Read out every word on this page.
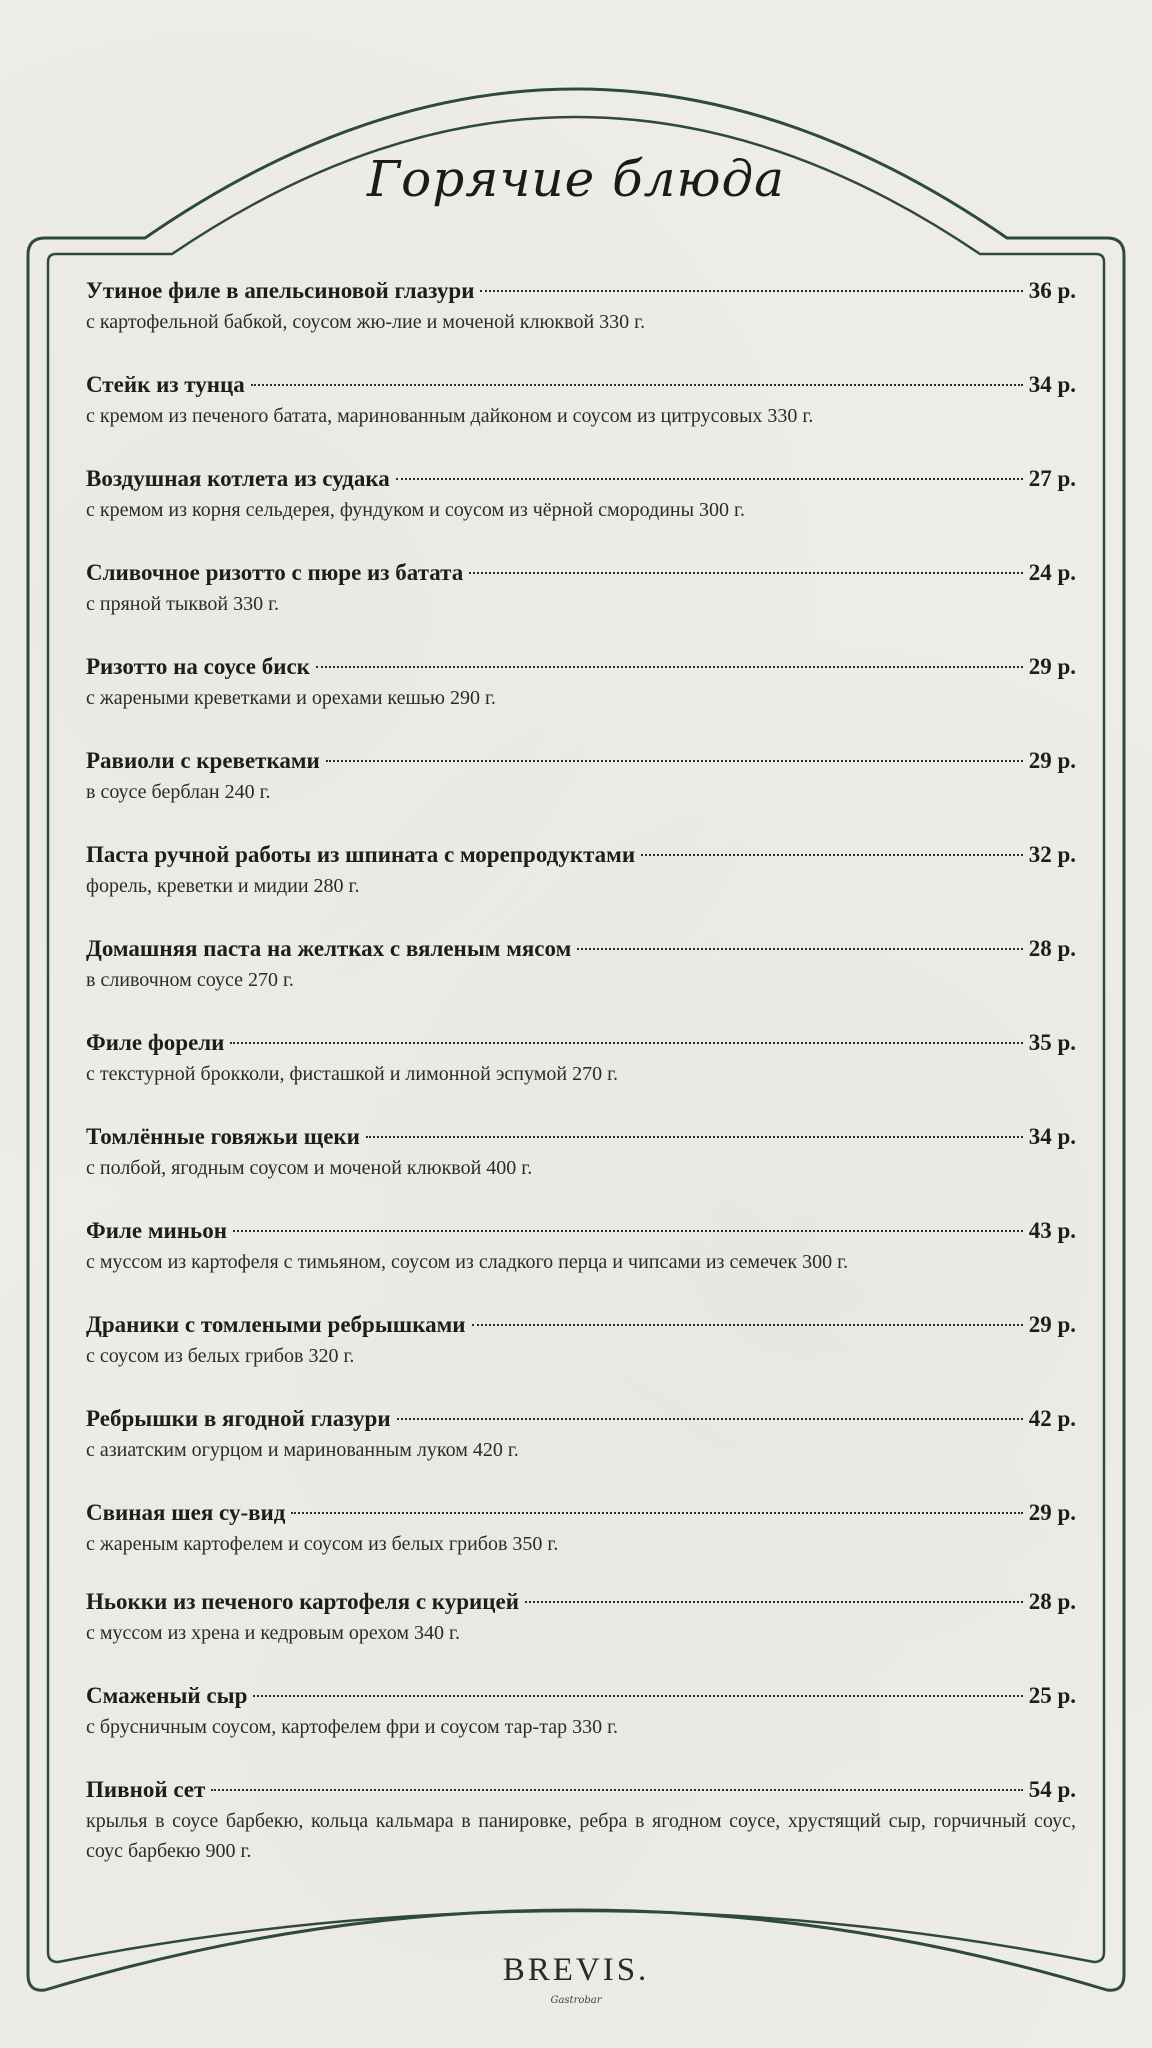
Горячие блюда
Утиное филе в апельсиновой глазури	36 р.
с картофельной бабкой, соусом жю-лие и моченой клюквой 330 г.
Стейк из тунца	34 р.
с кремом из печеного батата, маринованным дайконом и соусом из цитрусовых 330 г.
Воздушная котлета из судака	27 р.
с кремом из корня сельдерея, фундуком и соусом из чёрной смородины 300 г.
Сливочное ризотто с пюре из батата	24 р.
с пряной тыквой 330 г.
Ризотто на соусе биск	29 р.
с жареными креветками и орехами кешью 290 г.
Равиоли с креветками	29 р.
в соусе берблан 240 г.
Паста ручной работы из шпината с морепродуктами	32 р.
форель, креветки и мидии 280 г.
Домашняя паста на желтках с вяленым мясом	28 р.
в сливочном соусе 270 г.
Филе форели	35 р.
с текстурной брокколи, фисташкой и лимонной эспумой 270 г.
Томлённые говяжьи щеки	34 р.
с полбой, ягодным соусом и моченой клюквой 400 г.
Филе миньон	43 р.
с муссом из картофеля с тимьяном, соусом из сладкого перца и чипсами из семечек 300 г.
Драники с томлеными ребрышками	29 р.
с соусом из белых грибов 320 г.
Ребрышки в ягодной глазури	42 р.
с азиатским огурцом и маринованным луком 420 г.
Свиная шея су-вид	29 р.
с жареным картофелем и соусом из белых грибов 350 г.
Ньокки из печеного картофеля с курицей	28 р.
с муссом из хрена и кедровым орехом 340 г.
Смаженый сыр	25 р.
с брусничным соусом, картофелем фри и соусом тар-тар 330 г.
Пивной сет	54 р.
крылья в соусе барбекю, кольца кальмара в панировке, ребра в ягодном соусе, хрустящий сыр, горчичный соус, соус барбекю 900 г.
BREVIS.
Gastrobar
